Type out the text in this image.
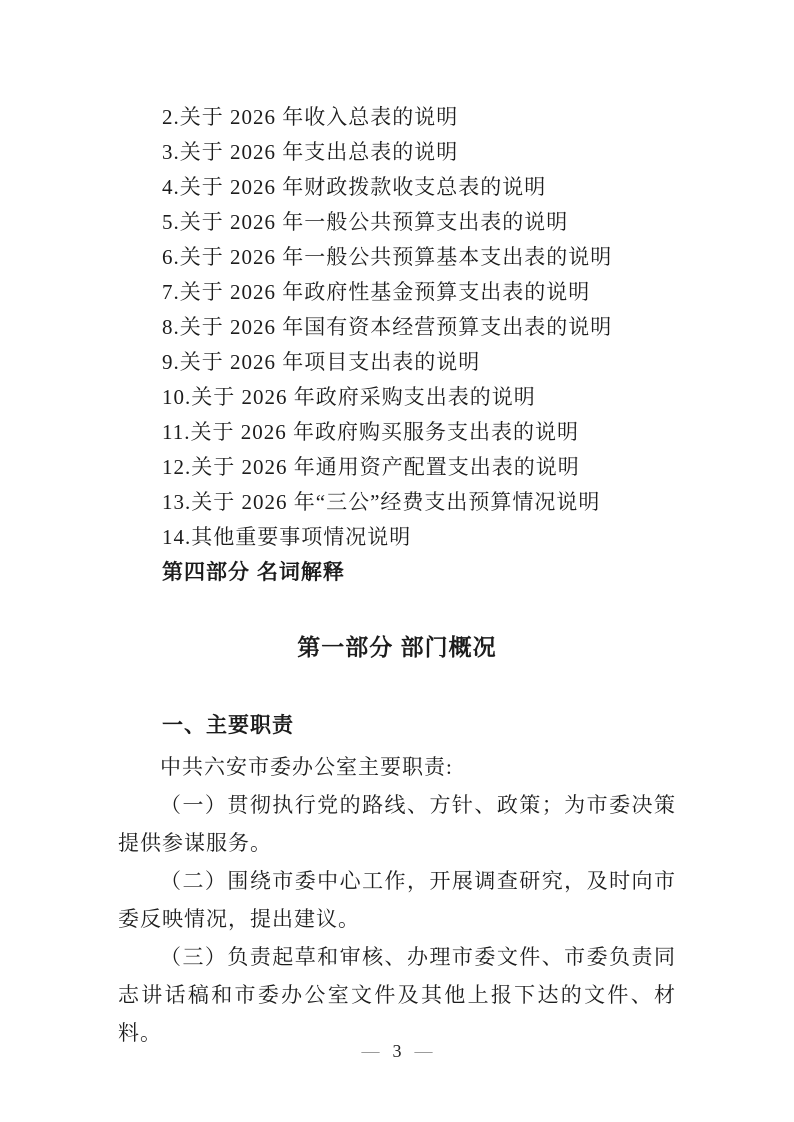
2.关于 2026 年收入总表的说明
3.关于 2026 年支出总表的说明
4.关于 2026 年财政拨款收支总表的说明
5.关于 2026 年一般公共预算支出表的说明
6.关于 2026 年一般公共预算基本支出表的说明
7.关于 2026 年政府性基金预算支出表的说明
8.关于 2026 年国有资本经营预算支出表的说明
9.关于 2026 年项目支出表的说明
10.关于 2026 年政府采购支出表的说明
11.关于 2026 年政府购买服务支出表的说明
12.关于 2026 年通用资产配置支出表的说明
13.关于 2026 年“三公”经费支出预算情况说明
14.其他重要事项情况说明
第四部分 名词解释
第一部分 部门概况
一、主要职责

中共六安市委办公室主要职责:

（一）贯彻执行党的路线、方针、政策；为市委决策提供参谋服务。

（二）围绕市委中心工作，开展调查研究，及时向市委反映情况，提出建议。

（三）负责起草和审核、办理市委文件、市委负责同志讲话稿和市委办公室文件及其他上报下达的文件、材料。

— 3 —
